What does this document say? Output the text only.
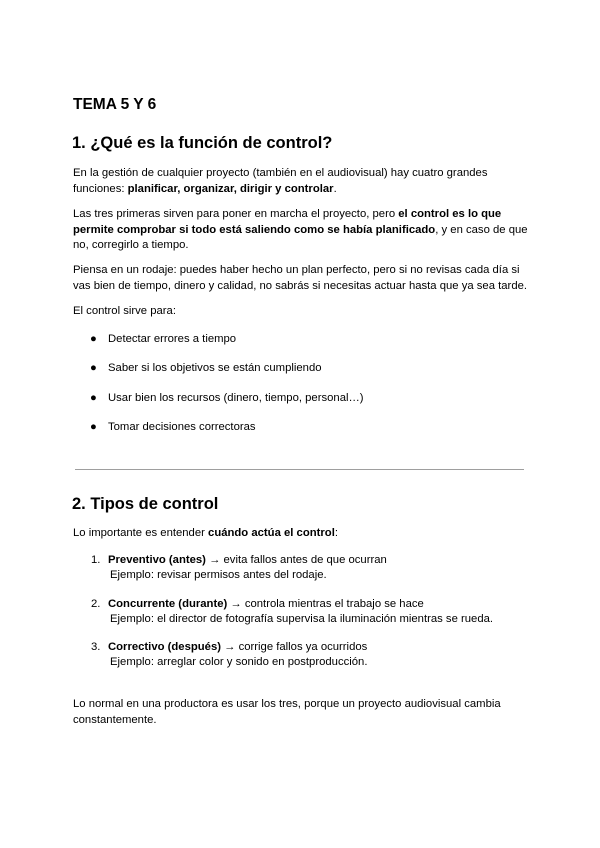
TEMA 5 Y 6
1. ¿Qué es la función de control?

En la gestión de cualquier proyecto (también en el audiovisual) hay cuatro grandes funciones: planificar, organizar, dirigir y controlar.

Las tres primeras sirven para poner en marcha el proyecto, pero el control es lo que permite comprobar si todo está saliendo como se había planificado, y en caso de que no, corregirlo a tiempo.

Piensa en un rodaje: puedes haber hecho un plan perfecto, pero si no revisas cada día si vas bien de tiempo, dinero y calidad, no sabrás si necesitas actuar hasta que ya sea tarde.

El control sirve para:

● Detectar errores a tiempo
● Saber si los objetivos se están cumpliendo
● Usar bien los recursos (dinero, tiempo, personal…)
● Tomar decisiones correctoras
2. Tipos de control

Lo importante es entender cuándo actúa el control:

1. Preventivo (antes) → evita fallos antes de que ocurran
Ejemplo: revisar permisos antes del rodaje.
2. Concurrente (durante) → controla mientras el trabajo se hace
Ejemplo: el director de fotografía supervisa la iluminación mientras se rueda.
3. Correctivo (después) → corrige fallos ya ocurridos
Ejemplo: arreglar color y sonido en postproducción.

Lo normal en una productora es usar los tres, porque un proyecto audiovisual cambia constantemente.
